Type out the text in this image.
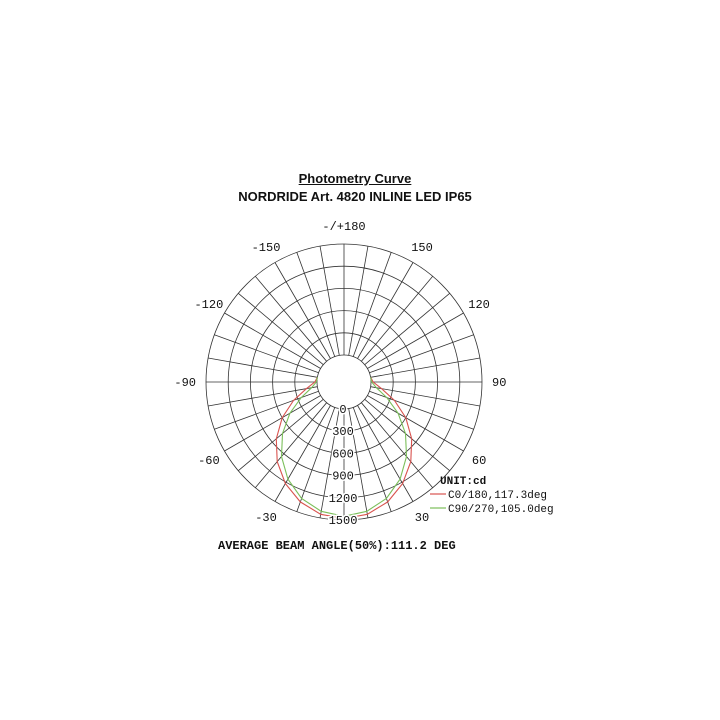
Photometry Curve
NORDRIDE Art. 4820 INLINE LED IP65
0
300
600
900
1200
1500
-/+180
150
-150
120
-120
90
-90
60
-60
30
-30
UNIT:cd
C0/180,117.3deg
C90/270,105.0deg
AVERAGE BEAM ANGLE(50%):111.2 DEG
